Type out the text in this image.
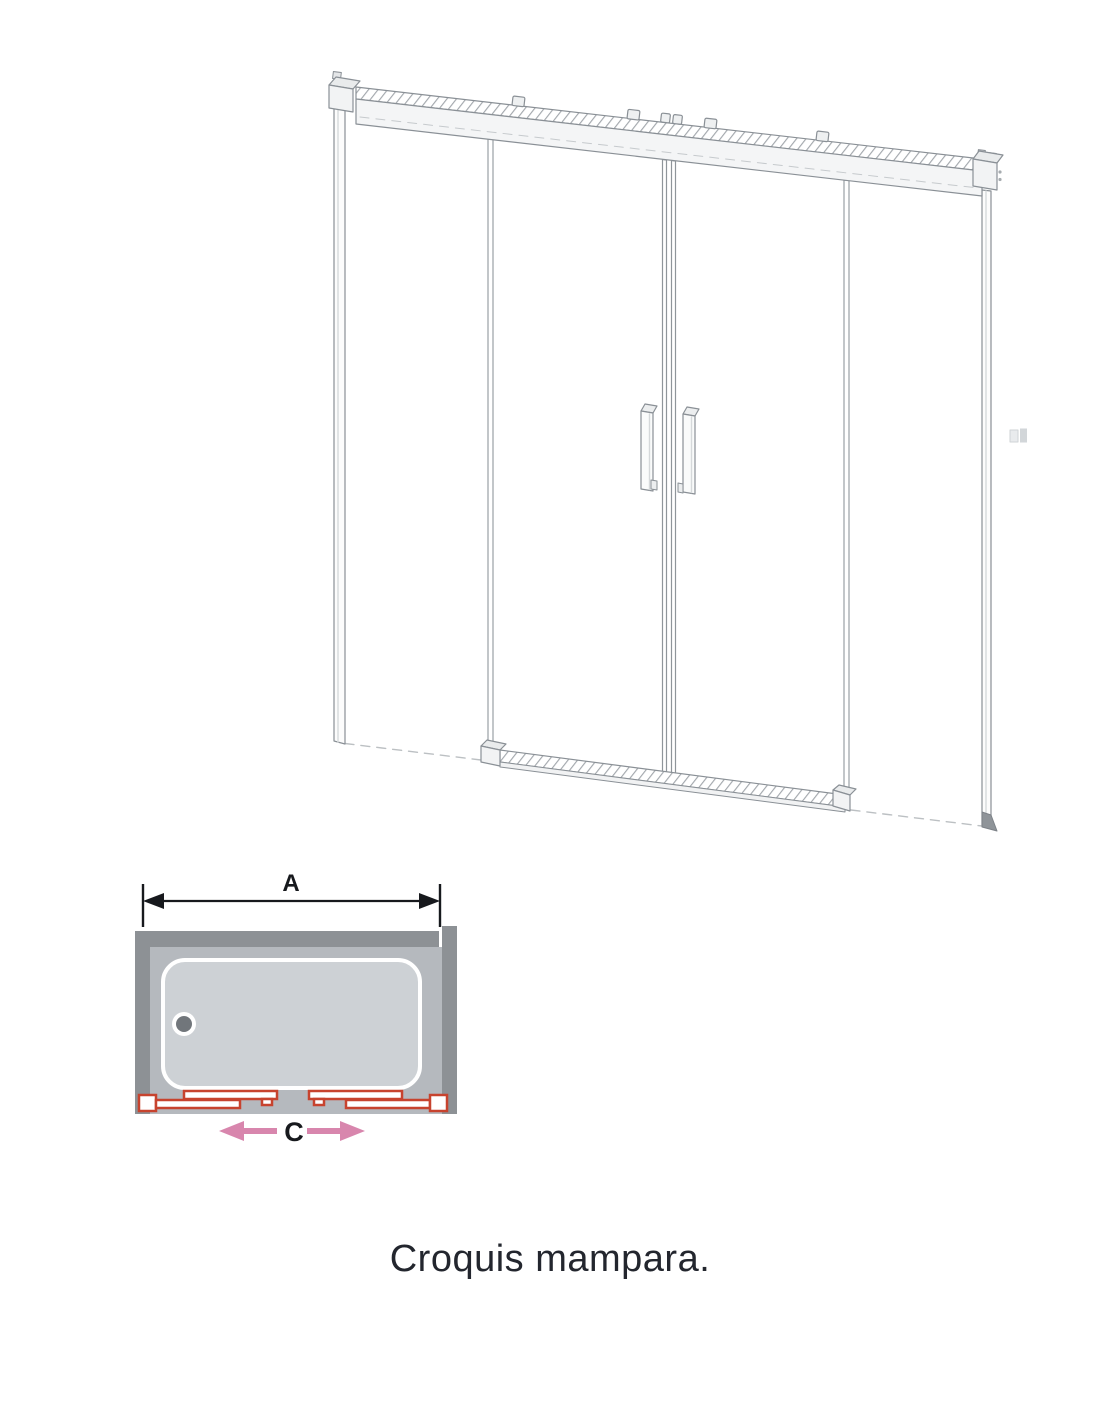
A
C
Croquis mampara.
